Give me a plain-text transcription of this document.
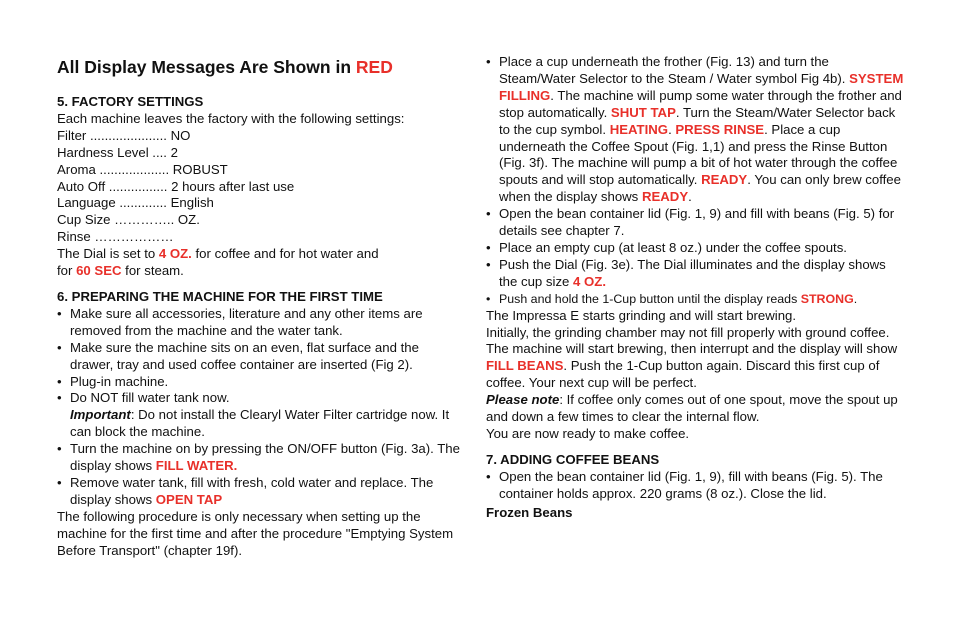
All Display Messages Are Shown in RED
5. FACTORY SETTINGS
Each machine leaves the factory with the following settings:
Filter ..................... NO
Hardness Level .... 2
Aroma ................... ROBUST
Auto Off ................ 2 hours after last use
Language ............. English
Cup Size ………….. OZ.
Rinse ………………
The Dial is set to 4 OZ. for coffee and for hot water and
for 60 SEC for steam.
6. PREPARING THE MACHINE FOR THE FIRST TIME
• Make sure all accessories, literature and any other items are removed from the machine and the water tank.
• Make sure the machine sits on an even, flat surface and the drawer, tray and used coffee container are inserted (Fig 2).
• Plug-in machine.
• Do NOT fill water tank now.
Important: Do not install the Clearyl Water Filter cartridge now. It can block the machine.
• Turn the machine on by pressing the ON/OFF button (Fig. 3a). The display shows FILL WATER.
• Remove water tank, fill with fresh, cold water and replace. The display shows OPEN TAP
The following procedure is only necessary when setting up the machine for the first time and after the procedure "Emptying System Before Transport" (chapter 19f).
• Place a cup underneath the frother (Fig. 13) and turn the Steam/Water Selector to the Steam / Water symbol Fig 4b). SYSTEM FILLING. The machine will pump some water through the frother and stop automatically. SHUT TAP. Turn the Steam/Water Selector back to the cup symbol. HEATING. PRESS RINSE. Place a cup underneath the Coffee Spout (Fig. 1,1) and press the Rinse Button (Fig. 3f). The machine will pump a bit of hot water through the coffee spouts and will stop automatically. READY. You can only brew coffee when the display shows READY.
• Open the bean container lid (Fig. 1, 9) and fill with beans (Fig. 5) for details see chapter 7.
• Place an empty cup (at least 8 oz.) under the coffee spouts.
• Push the Dial (Fig. 3e). The Dial illuminates and the display shows the cup size 4 OZ.
• Push and hold the 1-Cup button until the display reads STRONG.
The Impressa E starts grinding and will start brewing.
Initially, the grinding chamber may not fill properly with ground coffee. The machine will start brewing, then interrupt and the display will show FILL BEANS. Push the 1-Cup button again. Discard this first cup of coffee. Your next cup will be perfect.
Please note: If coffee only comes out of one spout, move the spout up and down a few times to clear the internal flow.
You are now ready to make coffee.
7. ADDING COFFEE BEANS
• Open the bean container lid (Fig. 1, 9), fill with beans (Fig. 5). The container holds approx. 220 grams (8 oz.). Close the lid.
Frozen Beans
